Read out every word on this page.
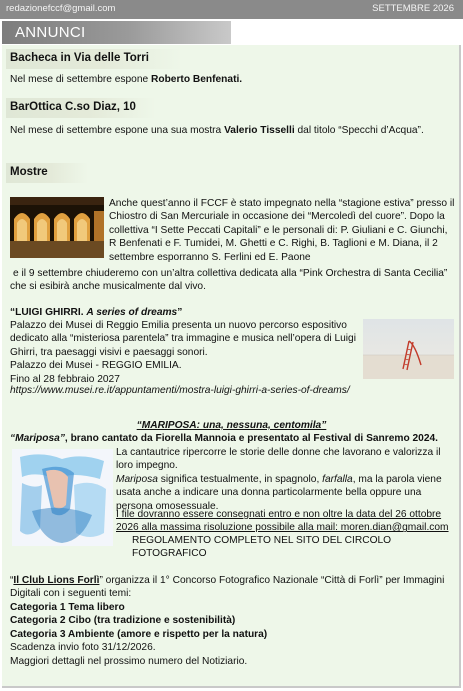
redazionefccf@gmail.com	SETTEMBRE 2026
ANNUNCI
Bacheca in Via delle Torri
Nel mese di settembre espone Roberto Benfenati.
BarOttica C.so Diaz, 10
Nel mese di settembre espone una sua mostra Valerio Tisselli dal titolo “Specchi d’Acqua”.
Mostre
Anche quest’anno il FCCF è stato impegnato nella “stagione estiva” presso il Chiostro di San Mercuriale in occasione dei “Mercoledì del cuore”. Dopo la collettiva “I Sette Peccati Capitali” e le personali di: P. Giuliani e C. Giunchi, R Benfenati e F. Tumidei, M. Ghetti e C. Righi, B. Taglioni e M. Diana, il 2 settembre esporranno S. Ferlini ed E. Paone
e il 9 settembre chiuderemo con un’altra collettiva dedicata alla “Pink Orchestra di Santa Cecilia” che si esibirà anche musicalmente dal vivo.
“LUIGI GHIRRI. A series of dreams”
Palazzo dei Musei di Reggio Emilia presenta un nuovo percorso espositivo dedicato alla “misteriosa parentela” tra immagine e musica nell’opera di Luigi Ghirri, tra paesaggi visivi e paesaggi sonori.
Palazzo dei Musei - REGGIO EMILIA.
Fino al 28 febbraio 2027
https://www.musei.re.it/appuntamenti/mostra-luigi-ghirri-a-series-of-dreams/
“MARIPOSA: una, nessuna, centomila”
“Mariposa”, brano cantato da Fiorella Mannoia e presentato al Festival di Sanremo 2024.
La cantautrice ripercorre le storie delle donne che lavorano e valorizza il loro impegno.
Mariposa significa testualmente, in spagnolo, farfalla, ma la parola viene usata anche a indicare una donna particolarmente bella oppure una persona omosessuale.
I file dovranno essere consegnati entro e non oltre la data del 26 ottobre 2026 alla massima risoluzione possibile alla mail: moren.dian@gmail.com
REGOLAMENTO COMPLETO NEL SITO DEL CIRCOLO FOTOGRAFICO
“Il Club Lions Forlì” organizza il 1° Concorso Fotografico Nazionale “Città di Forlì” per Immagini Digitali con i seguenti temi:
Categoria 1 Tema libero
Categoria 2 Cibo (tra tradizione e sostenibilità)
Categoria 3 Ambiente (amore e rispetto per la natura)
Scadenza invio foto 31/12/2026.
Maggiori dettagli nel prossimo numero del Notiziario.
